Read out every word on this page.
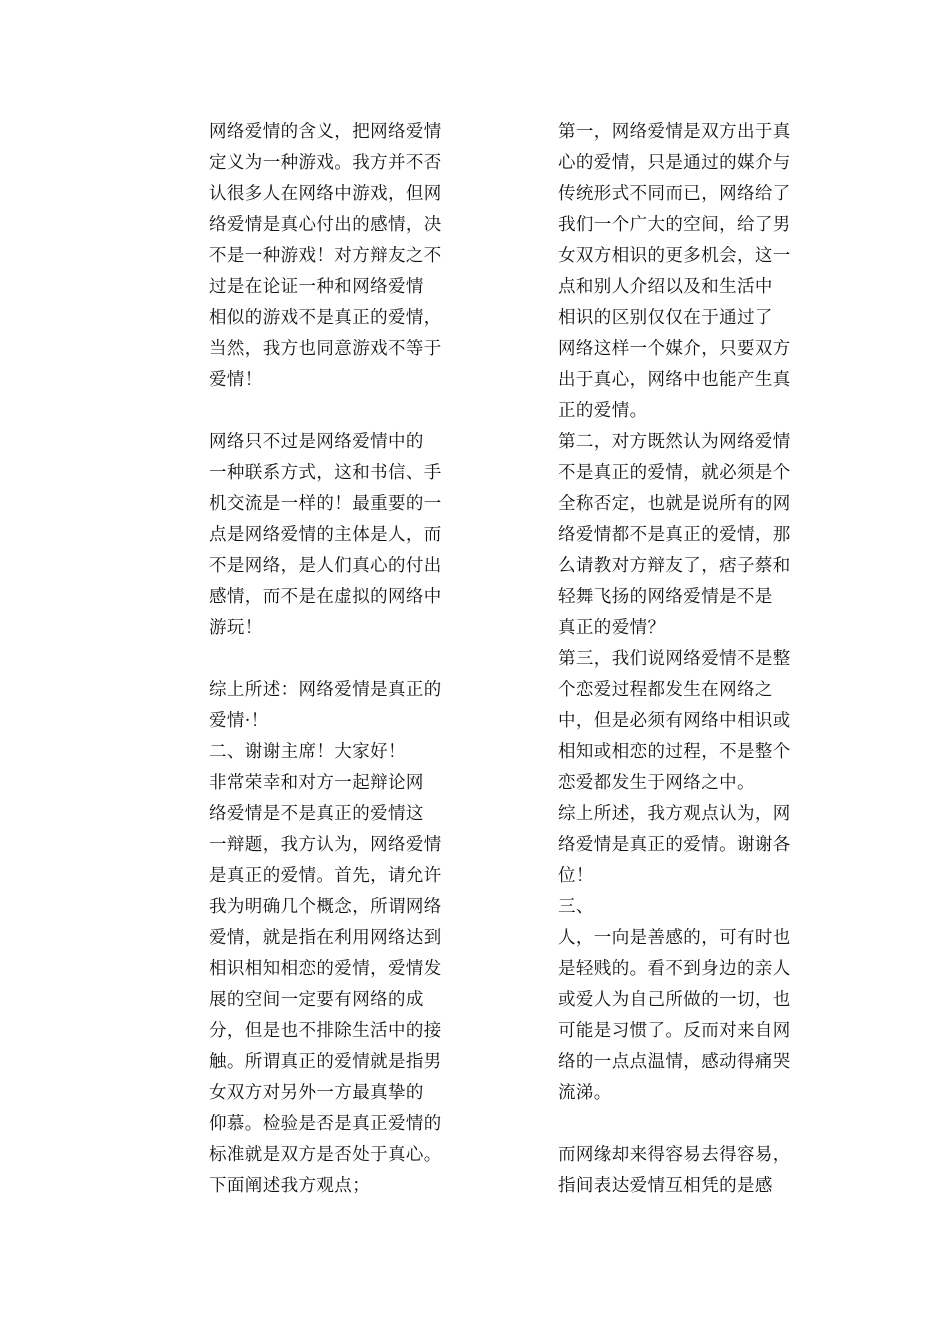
网络爱情的含义，把网络爱情
定义为一种游戏。我方并不否
认很多人在网络中游戏，但网
络爱情是真心付出的感情，决
不是一种游戏！对方辩友之不
过是在论证一种和网络爱情
相似的游戏不是真正的爱情，
当然，我方也同意游戏不等于
爱情！
网络只不过是网络爱情中的
一种联系方式，这和书信、手
机交流是一样的！最重要的一
点是网络爱情的主体是人，而
不是网络，是人们真心的付出
感情，而不是在虚拟的网络中
游玩！
综上所述：网络爱情是真正的
爱情·！
二、谢谢主席！大家好！
非常荣幸和对方一起辩论网
络爱情是不是真正的爱情这
一辩题，我方认为，网络爱情
是真正的爱情。首先，请允许
我为明确几个概念，所谓网络
爱情，就是指在利用网络达到
相识相知相恋的爱情，爱情发
展的空间一定要有网络的成
分，但是也不排除生活中的接
触。所谓真正的爱情就是指男
女双方对另外一方最真挚的
仰慕。检验是否是真正爱情的
标准就是双方是否处于真心。
下面阐述我方观点；
第一，网络爱情是双方出于真
心的爱情，只是通过的媒介与
传统形式不同而已，网络给了
我们一个广大的空间，给了男
女双方相识的更多机会，这一
点和别人介绍以及和生活中
相识的区别仅仅在于通过了
网络这样一个媒介，只要双方
出于真心，网络中也能产生真
正的爱情。
第二，对方既然认为网络爱情
不是真正的爱情，就必须是个
全称否定，也就是说所有的网
络爱情都不是真正的爱情，那
么请教对方辩友了，痞子蔡和
轻舞飞扬的网络爱情是不是
真正的爱情？
第三，我们说网络爱情不是整
个恋爱过程都发生在网络之
中，但是必须有网络中相识或
相知或相恋的过程，不是整个
恋爱都发生于网络之中。
综上所述，我方观点认为，网
络爱情是真正的爱情。谢谢各
位！
三、
人，一向是善感的，可有时也
是轻贱的。看不到身边的亲人
或爱人为自己所做的一切，也
可能是习惯了。反而对来自网
络的一点点温情，感动得痛哭
流涕。
而网缘却来得容易去得容易，
指间表达爱情互相凭的是感
